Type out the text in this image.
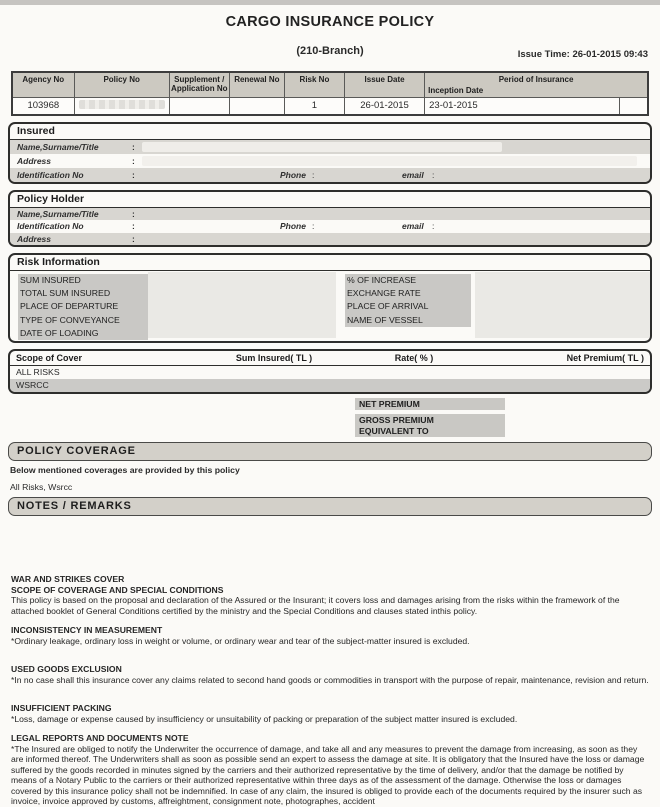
CARGO INSURANCE POLICY
(210-Branch)	Issue Time: 26-01-2015 09:43
Agency No	Policy No	Supplement / Application No	Renewal No	Risk No	Issue Date	Period of Insurance
Inception Date	

103968				1	26-01-2015	23-01-2015	
Insured
Name,Surname/Title	:
Address	:
Identification No	:	Phone :	email :
Policy Holder
Name,Surname/Title	:
Identification No	:	Phone :	email :
Address	:
Risk Information
SUM INSURED
TOTAL SUM INSURED
PLACE OF DEPARTURE
TYPE OF CONVEYANCE
DATE OF LOADING
% OF INCREASE
EXCHANGE RATE
PLACE OF ARRIVAL
NAME OF VESSEL
Scope of Cover	Sum Insured( TL )	Rate( % )	Net Premium( TL )
ALL RISKS
WSRCC
NET PREMIUM
GROSS PREMIUM
EQUIVALENT TO
POLICY COVERAGE
Below mentioned coverages are provided by this policy
All Risks, Wsrcc
NOTES / REMARKS
WAR AND STRIKES COVER
SCOPE OF COVERAGE AND SPECIAL CONDITIONS

This policy is based on the proposal and declaration of the Assured or the Insurant; it covers loss and damages arising from the risks within the framework of the attached booklet of General Conditions certified by the ministry and the Special Conditions and clauses stated inthis policy.

INCONSISTENCY IN MEASUREMENT

*Ordinary leakage, ordinary loss in weight or volume, or ordinary wear and tear of the subject-matter insured is excluded.

USED GOODS EXCLUSION

*In no case shall this insurance cover any claims related to second hand goods or commodities in transport with the purpose of repair, maintenance, revision and return.

INSUFFICIENT PACKING

*Loss, damage or expense caused by insufficiency or unsuitability of packing or preparation of the subject matter insured is excluded.

LEGAL REPORTS AND DOCUMENTS NOTE

*The Insured are obliged to notify the Underwriter the occurrence of damage, and take all and any measures to prevent the damage from increasing, as soon as they are informed thereof. The Underwriters shall as soon as possible send an expert to assess the damage at site. It is obligatory that the Insured have the loss or damage suffered by the goods recorded in minutes signed by the carriers and their authorized representative by the time of delivery, and/or that the damage be notified by means of a Notary Public to the carriers or their authorized representative within three days as of the assessment of the damage. Otherwise the loss or damages covered by this insurance policy shall not be indemnified. In case of any claim, the insured is obliged to provide each of the documents required by the insurer such as invoice, invoice approved by customs, affreightment, consignment note, photographes, accident
